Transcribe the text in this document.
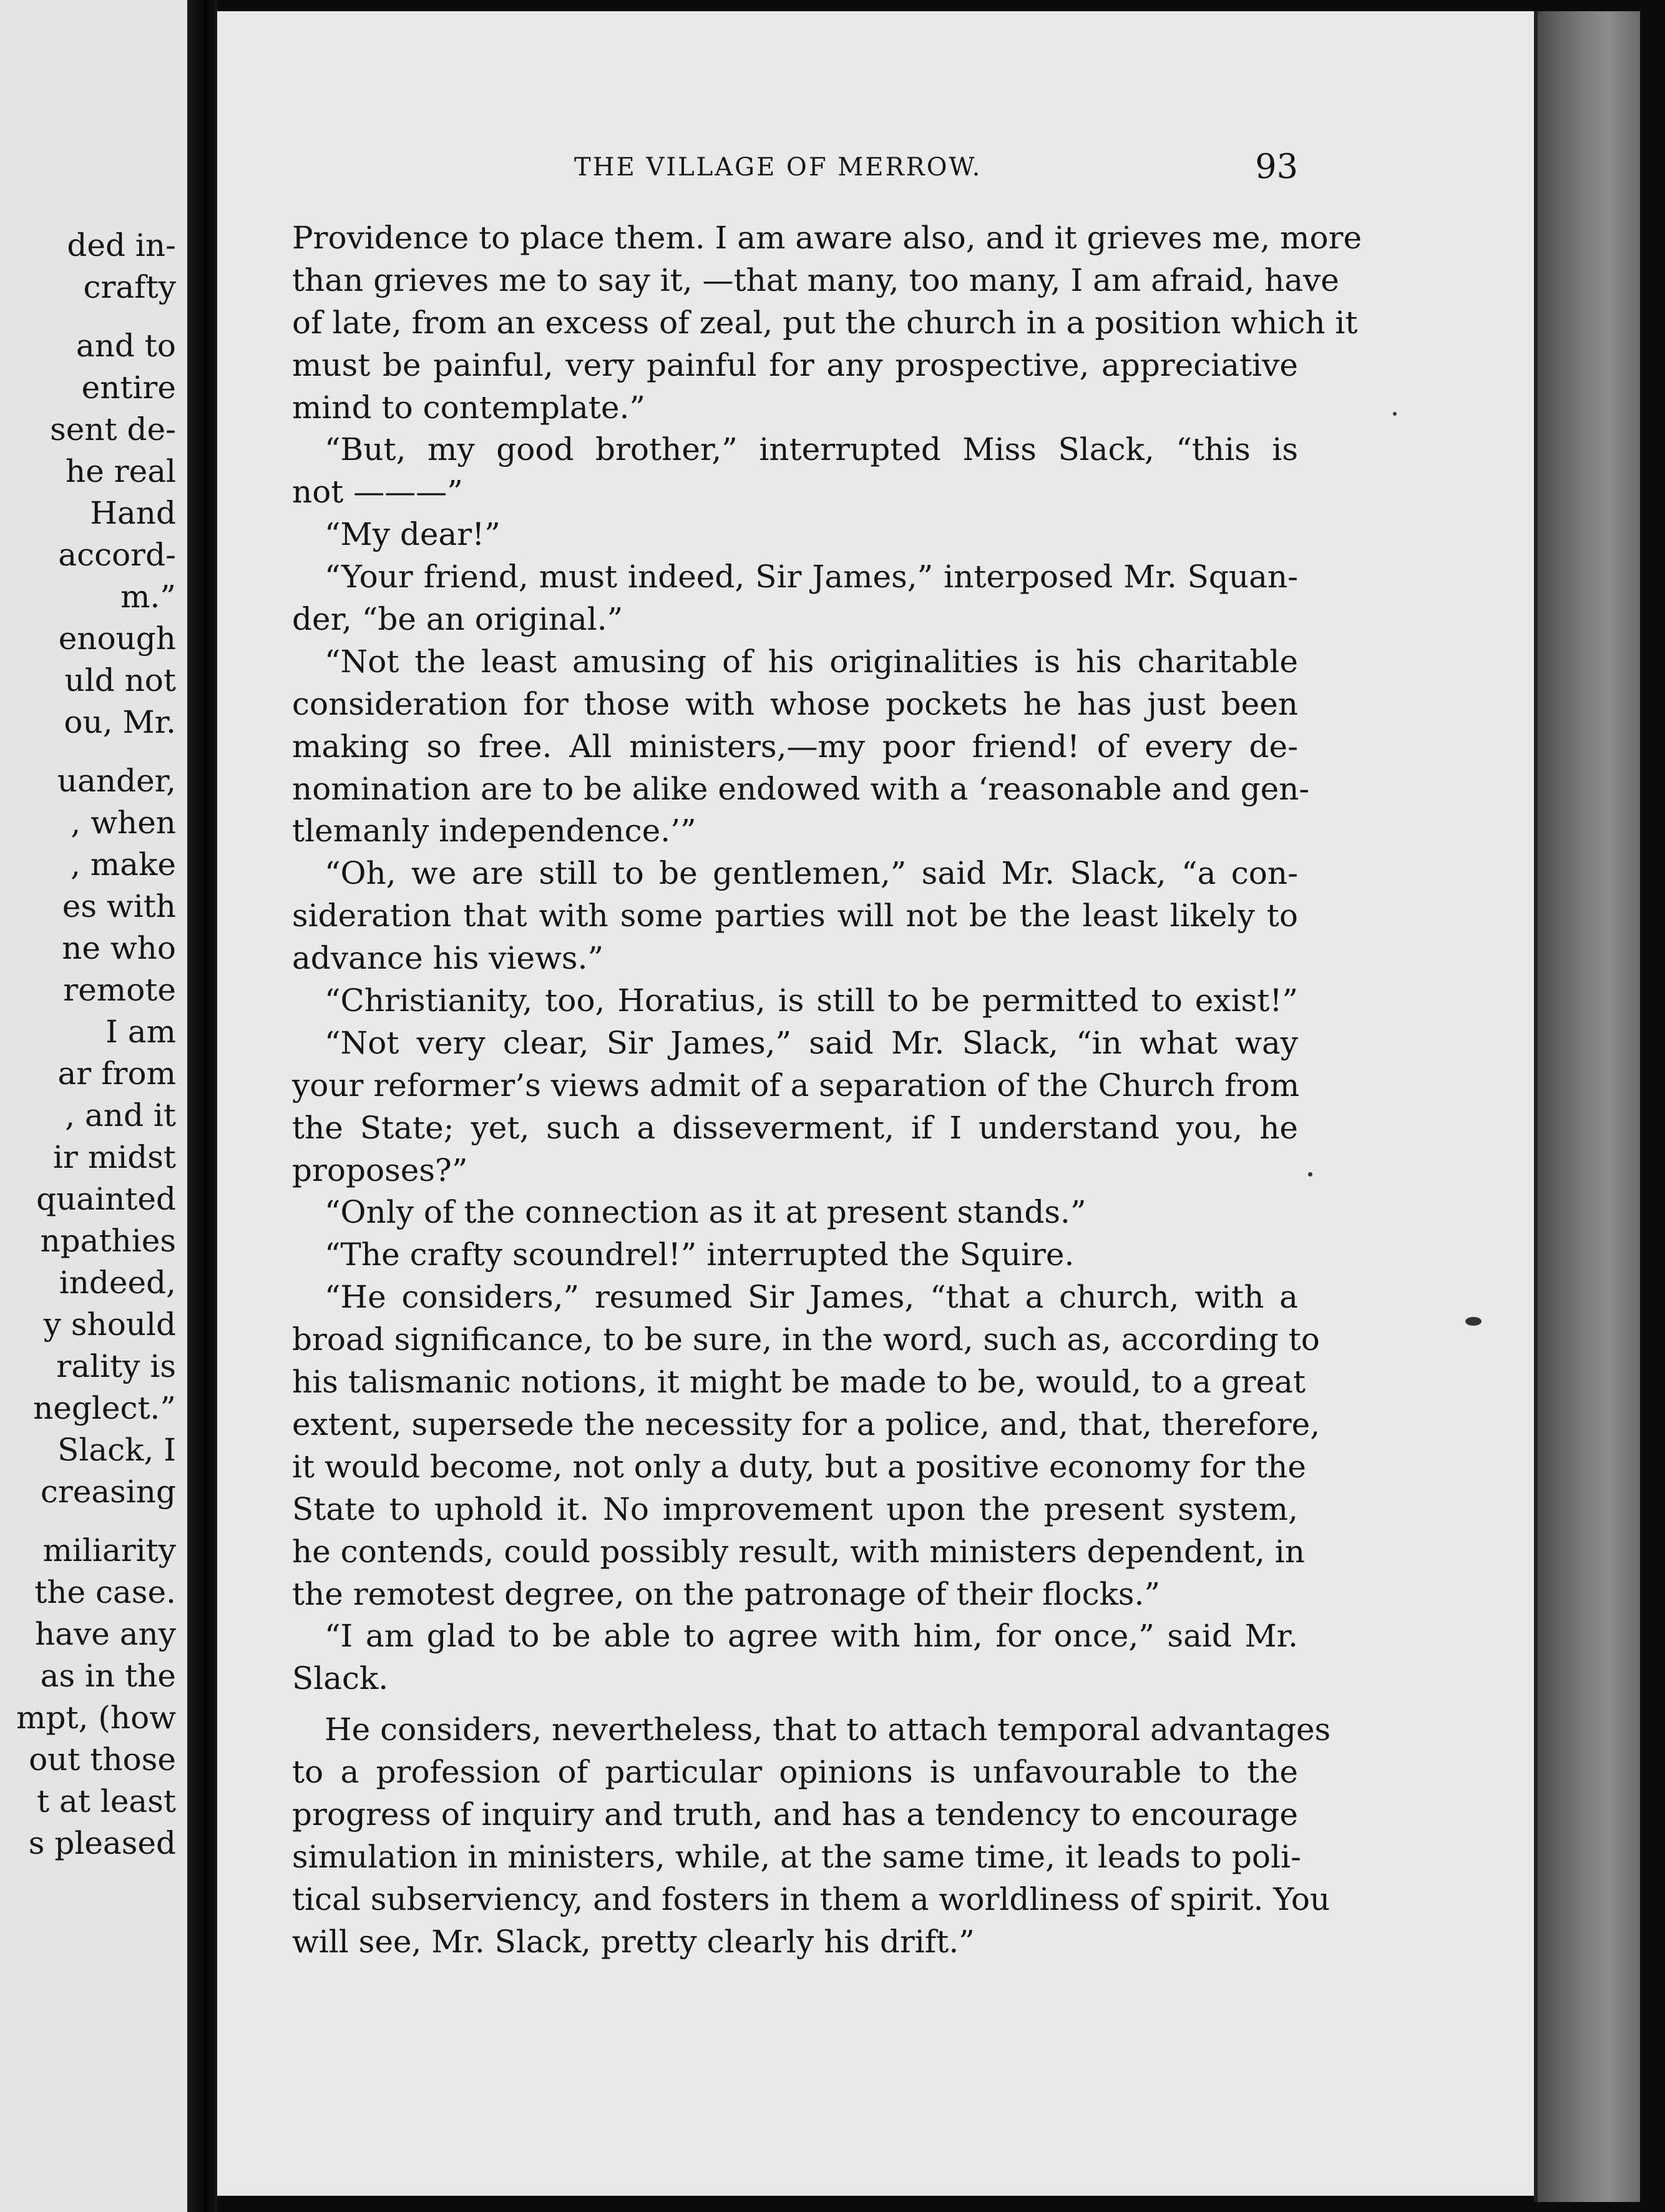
ded in-
crafty
and to
entire
sent de-
he real
Hand
accord-
m.”
enough
uld not
ou, Mr.
uander,
, when
, make
es with
ne who
remote
I am
ar from
, and it
ir midst
quainted
npathies
indeed,
y should
rality is
neglect.”
Slack, I
creasing
miliarity
the case.
have any
as in the
mpt, (how
out those
t at least
s pleased
THE VILLAGE OF MERROW.	93
Providence to place them. I am aware also, and it grieves me, more
than grieves me to say it, —that many, too many, I am afraid, have
of late, from an excess of zeal, put the church in a position which it
must be painful, very painful for any prospective, appreciative
mind to contemplate.”
“But, my good brother,” interrupted Miss Slack, “this is
not ———”
“My dear!”
“Your friend, must indeed, Sir James,” interposed Mr. Squan-
der, “be an original.”
“Not the least amusing of his originalities is his charitable
consideration for those with whose pockets he has just been
making so free. All ministers,—my poor friend! of every de-
nomination are to be alike endowed with a ‘reasonable and gen-
tlemanly independence.’”
“Oh, we are still to be gentlemen,” said Mr. Slack, “a con-
sideration that with some parties will not be the least likely to
advance his views.”
“Christianity, too, Horatius, is still to be permitted to exist!”
“Not very clear, Sir James,” said Mr. Slack, “in what way
your reformer’s views admit of a separation of the Church from
the State; yet, such a disseverment, if I understand you, he
proposes?”
“Only of the connection as it at present stands.”
“The crafty scoundrel!” interrupted the Squire.
“He considers,” resumed Sir James, “that a church, with a
broad significance, to be sure, in the word, such as, according to
his talismanic notions, it might be made to be, would, to a great
extent, supersede the necessity for a police, and, that, therefore,
it would become, not only a duty, but a positive economy for the
State to uphold it. No improvement upon the present system,
he contends, could possibly result, with ministers dependent, in
the remotest degree, on the patronage of their flocks.”
“I am glad to be able to agree with him, for once,” said Mr.
Slack.
He considers, nevertheless, that to attach temporal advantages
to a profession of particular opinions is unfavourable to the
progress of inquiry and truth, and has a tendency to encourage
simulation in ministers, while, at the same time, it leads to poli-
tical subserviency, and fosters in them a worldliness of spirit. You
will see, Mr. Slack, pretty clearly his drift.”
